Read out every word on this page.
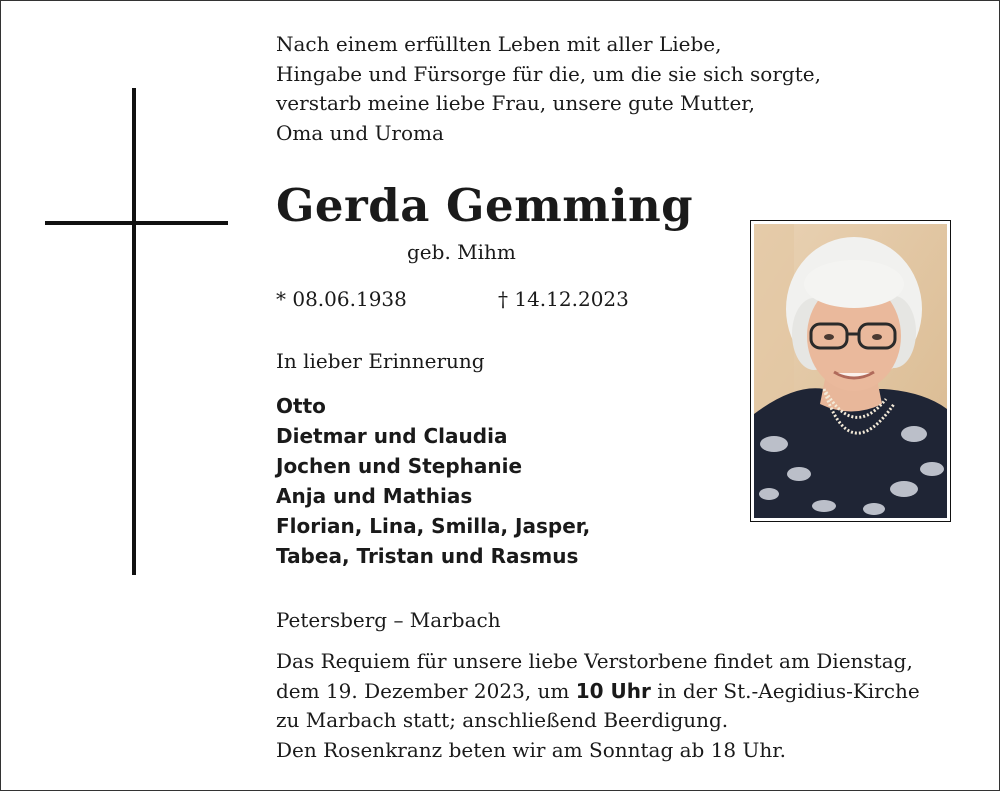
Nach einem erfüllten Leben mit aller Liebe,
Hingabe und Fürsorge für die, um die sie sich sorgte,
verstarb meine liebe Frau, unsere gute Mutter,
Oma und Uroma
Gerda Gemming
geb. Mihm
* 08.06.1938	† 14.12.2023
In lieber Erinnerung
Otto
Dietmar und Claudia
Jochen und Stephanie
Anja und Mathias
Florian, Lina, Smilla, Jasper,
Tabea, Tristan und Rasmus
Petersberg – Marbach
Das Requiem für unsere liebe Verstorbene findet am Dienstag,
dem 19. Dezember 2023, um 10 Uhr in der St.-Aegidius-Kirche
zu Marbach statt; anschließend Beerdigung.
Den Rosenkranz beten wir am Sonntag ab 18 Uhr.
